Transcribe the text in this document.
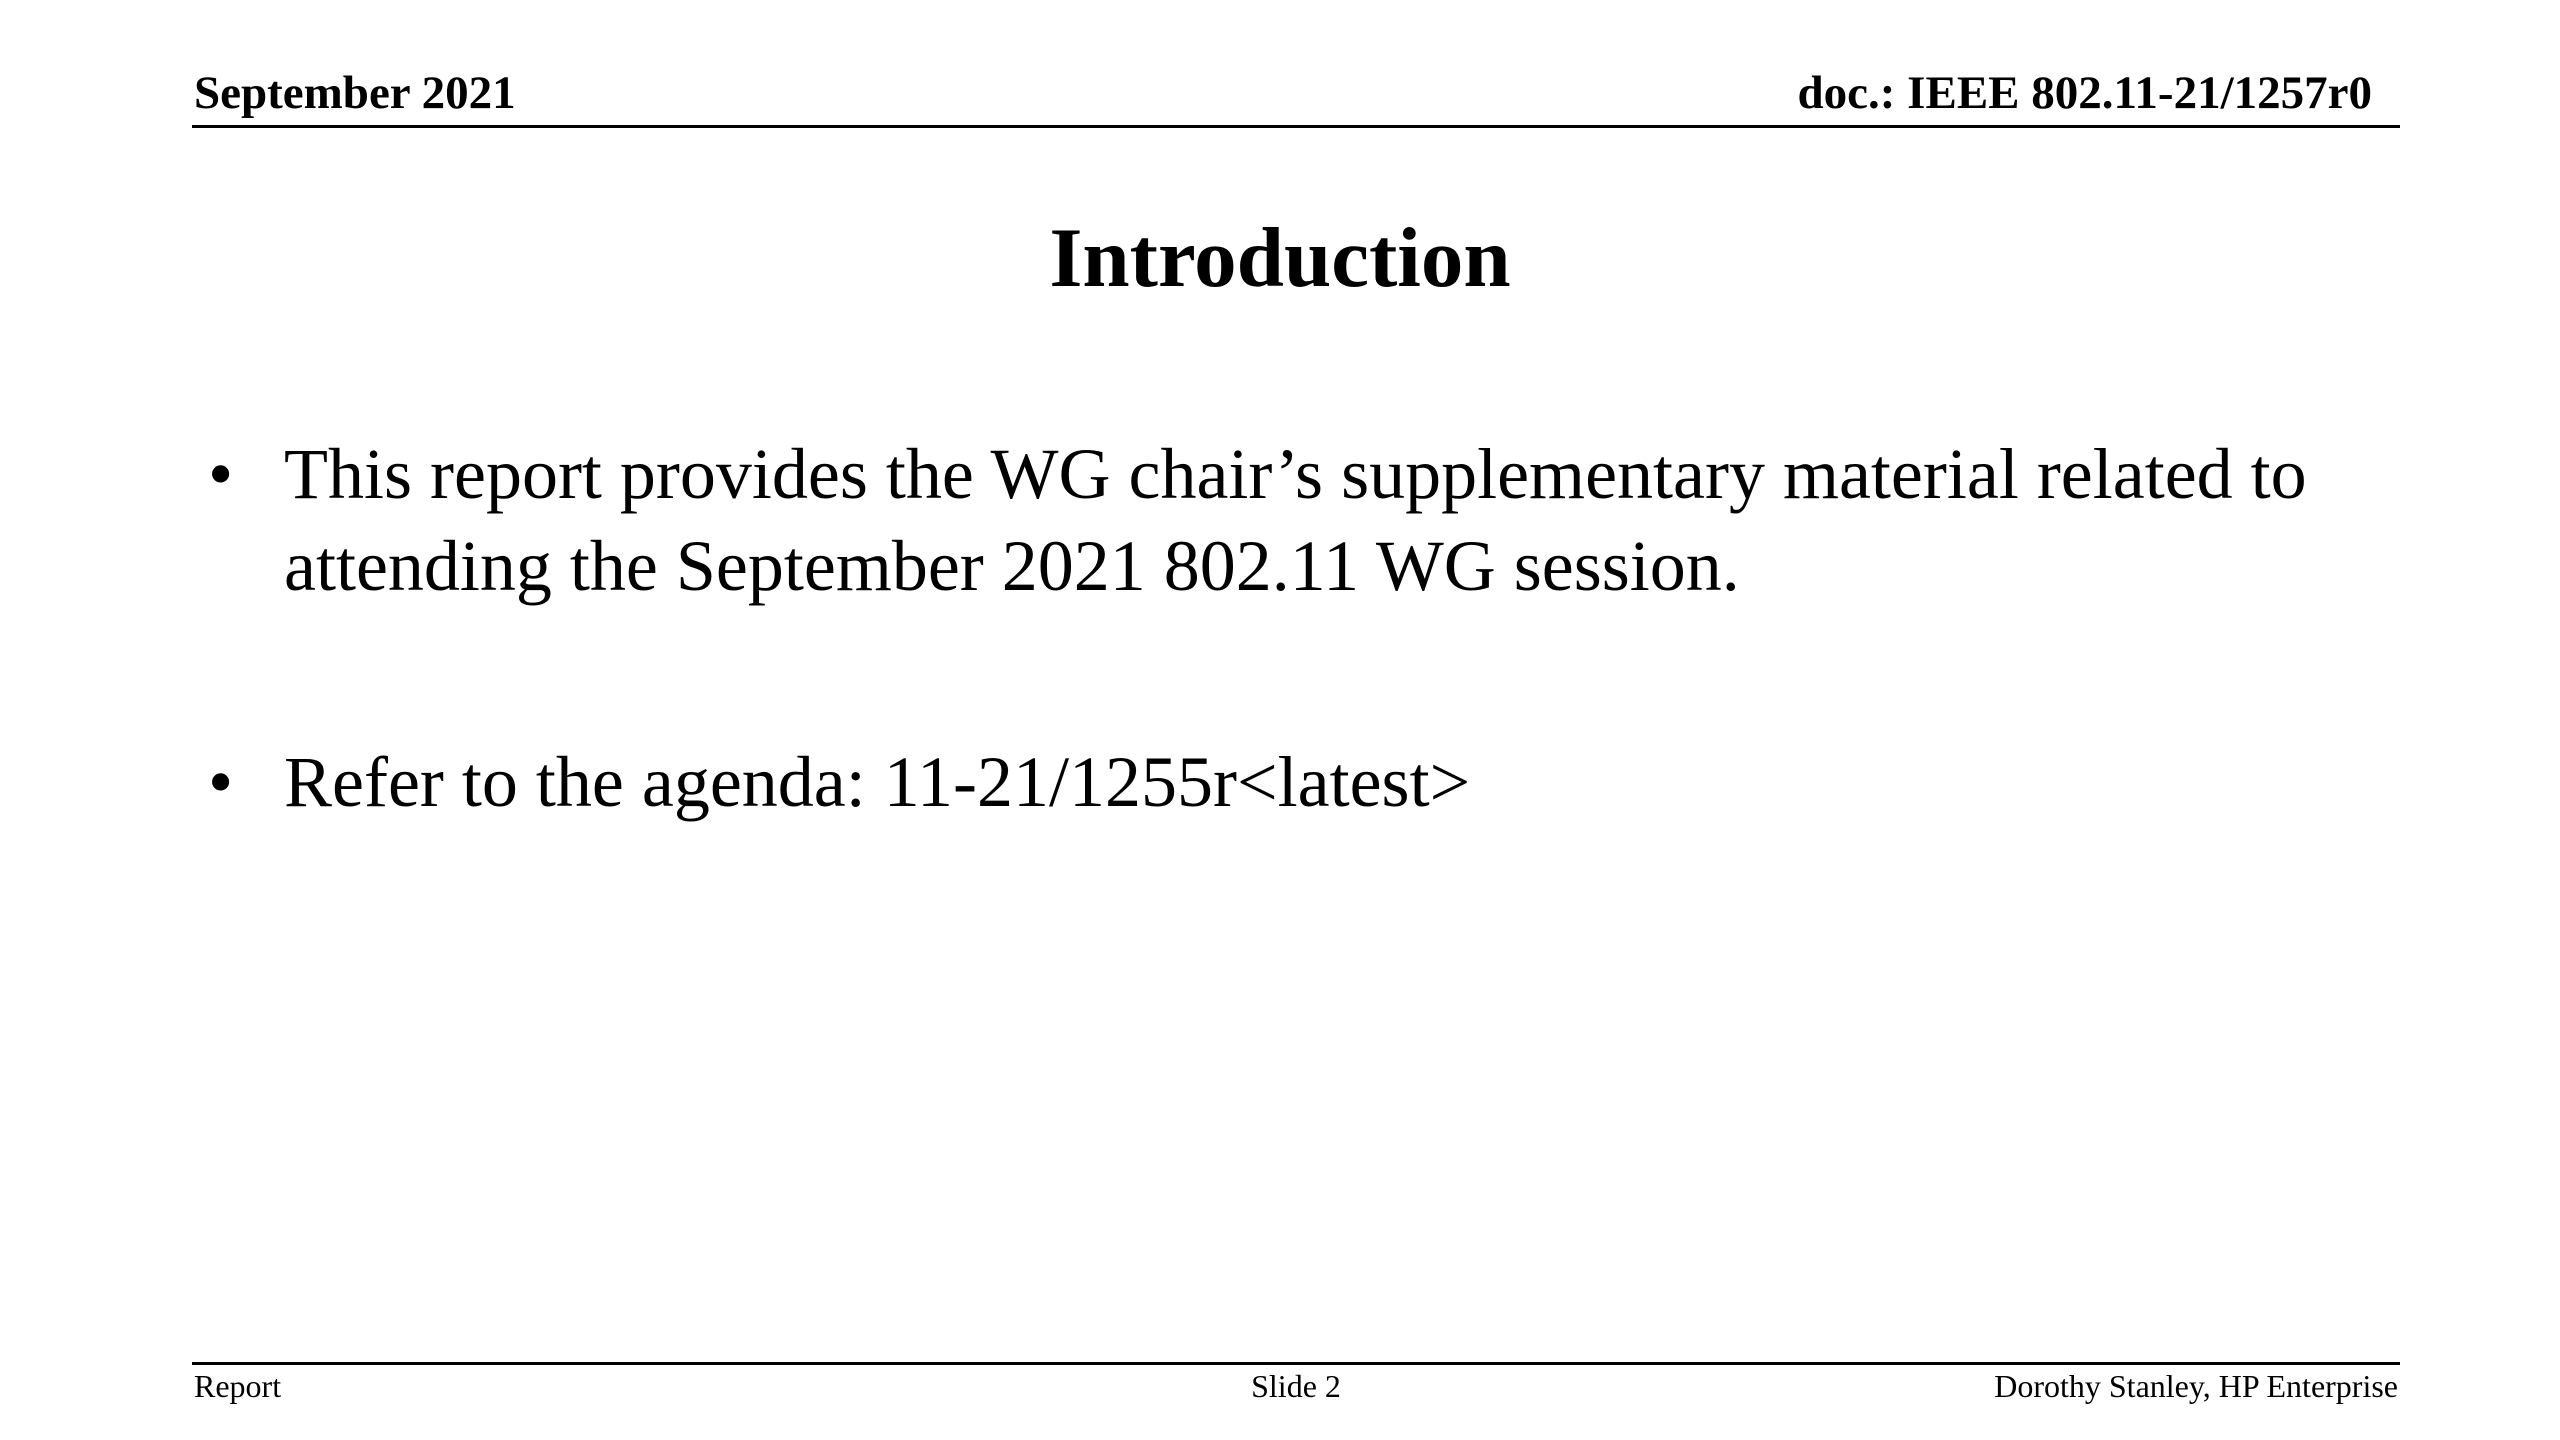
September 2021	doc.: IEEE 802.11-21/1257r0
Introduction
• This report provides the WG chair’s supplementary material related to attending the September 2021 802.11 WG session.
• Refer to the agenda: 11-21/1255r<latest>
Report	Slide 2	Dorothy Stanley, HP Enterprise
